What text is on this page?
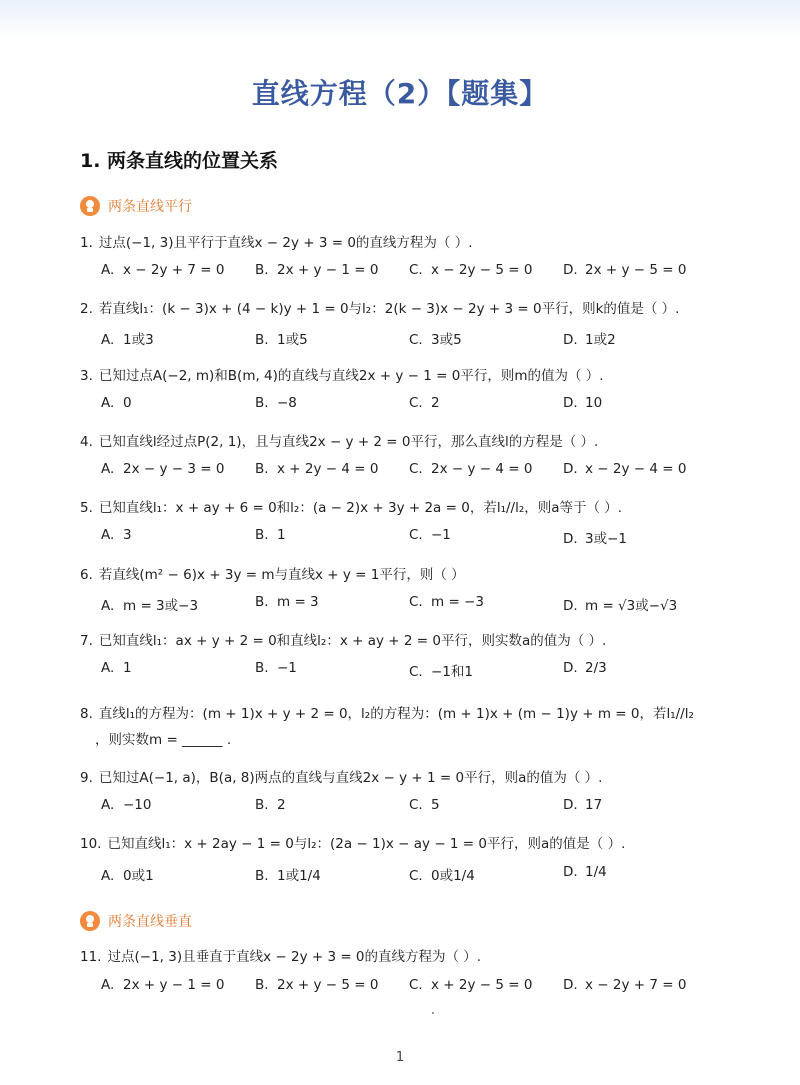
直线方程（2）【题集】
1. 两条直线的位置关系
两条直线平行
1. 过点(−1, 3)且平行于直线x − 2y + 3 = 0的直线方程为（ ）.
A. x − 2y + 7 = 0 B. 2x + y − 1 = 0 C. x − 2y − 5 = 0 D. 2x + y − 5 = 0
2. 若直线l₁：(k − 3)x + (4 − k)y + 1 = 0与l₂：2(k − 3)x − 2y + 3 = 0平行，则k的值是（ ）.
A. 1或3	B. 1或5	C. 3或5	D. 1或2
3. 已知过点A(−2, m)和B(m, 4)的直线与直线2x + y − 1 = 0平行，则m的值为（ ）.
A. 0	B. −8	C. 2	D. 10
4. 已知直线l经过点P(2, 1)，且与直线2x − y + 2 = 0平行，那么直线l的方程是（ ）.
A. 2x − y − 3 = 0 B. x + 2y − 4 = 0 C. 2x − y − 4 = 0 D. x − 2y − 4 = 0
5. 已知直线l₁：x + ay + 6 = 0和l₂：(a − 2)x + 3y + 2a = 0，若l₁//l₂，则a等于（ ）.
A. 3	B. 1	C. −1	D. 3或−1
6. 若直线(m² − 6)x + 3y = m与直线x + y = 1平行，则（ ）
A. m = 3或−3	B. m = 3	C. m = −3	D. m = √3或−√3
7. 已知直线l₁：ax + y + 2 = 0和直线l₂：x + ay + 2 = 0平行，则实数a的值为（ ）.
A. 1	B. −1	C. −1和1	D. 2/3
8. 直线l₁的方程为：(m + 1)x + y + 2 = 0，l₂的方程为：(m + 1)x + (m − 1)y + m = 0，若l₁//l₂
，则实数m = ______ .
9. 已知过A(−1, a)，B(a, 8)两点的直线与直线2x − y + 1 = 0平行，则a的值为（ ）.
A. −10	B. 2	C. 5	D. 17
10. 已知直线l₁：x + 2ay − 1 = 0与l₂：(2a − 1)x − ay − 1 = 0平行，则a的值是（ ）.
A. 0或1	B. 1或1/4	C. 0或1/4	D. 1/4
两条直线垂直
11. 过点(−1, 3)且垂直于直线x − 2y + 3 = 0的直线方程为（ ）.
A. 2x + y − 1 = 0 B. 2x + y − 5 = 0 C. x + 2y − 5 = 0 D. x − 2y + 7 = 0
1
